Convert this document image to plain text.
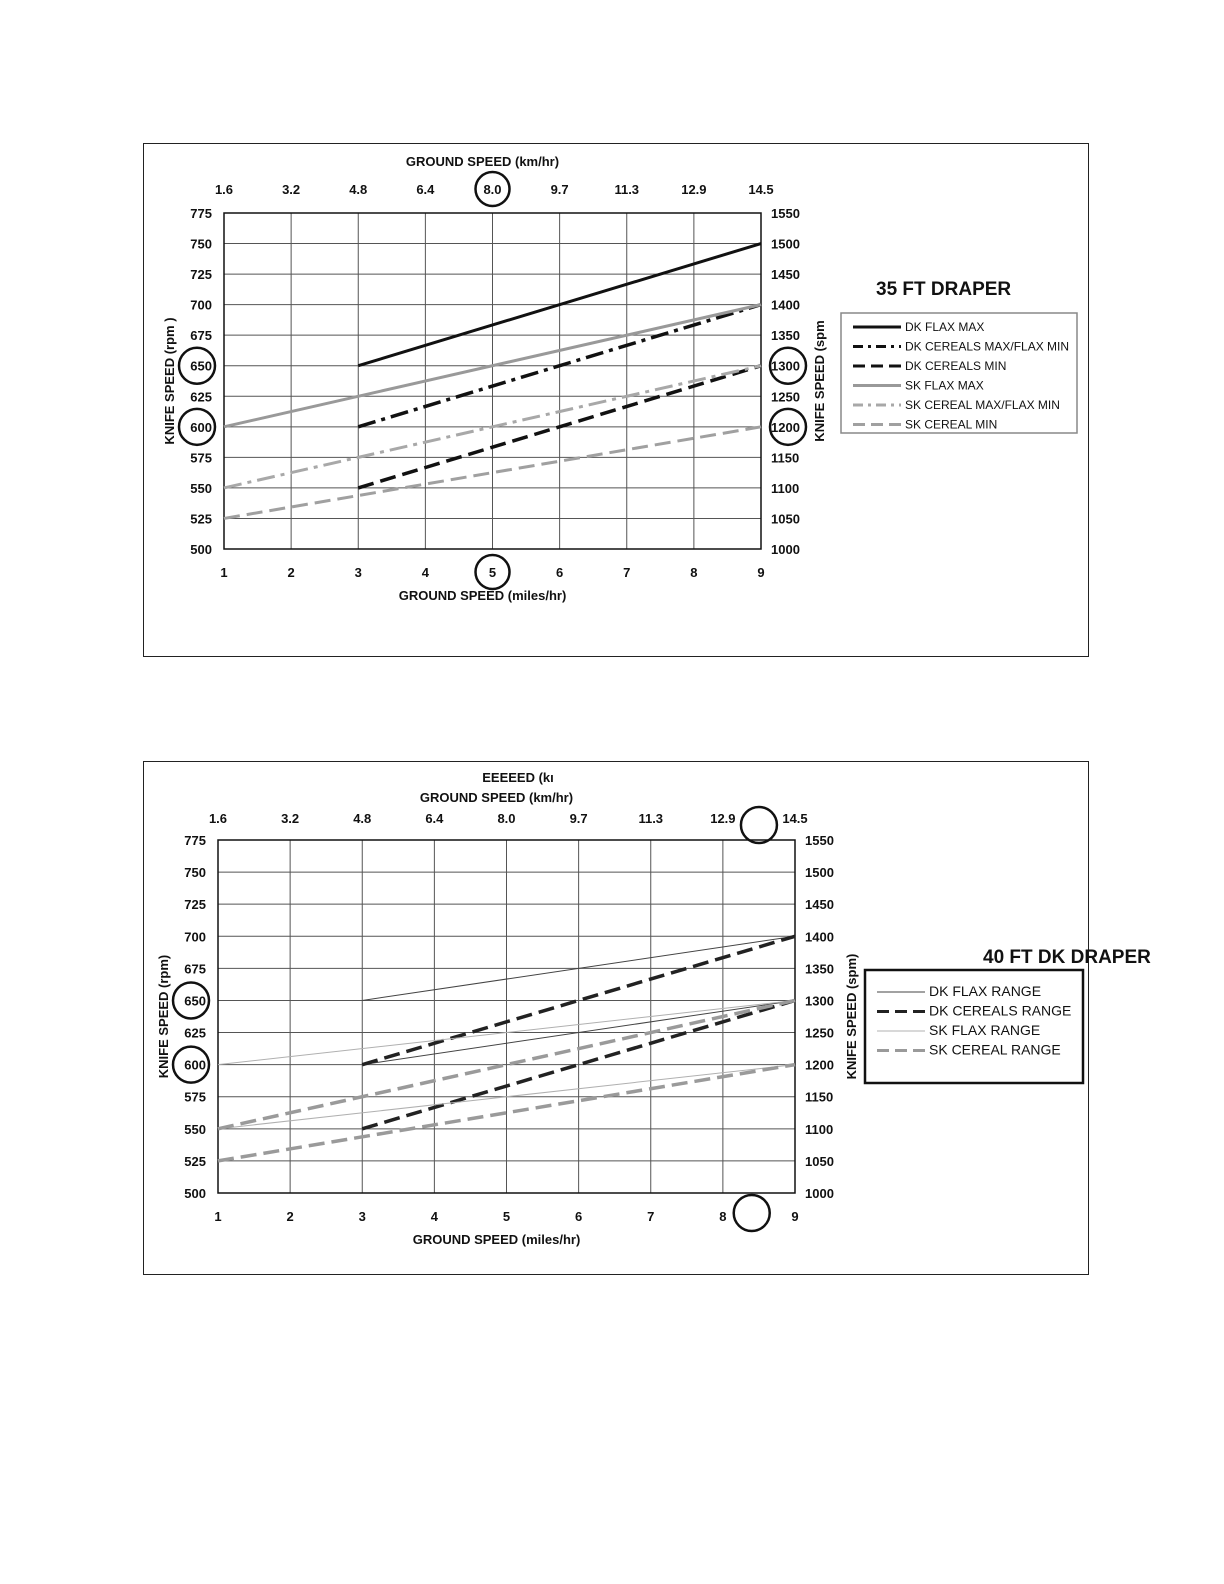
1	2	3	4	5	6	7	8	9
1.6	3.2	4.8	6.4	8.0	9.7	11.3	12.9	14.5
775
750
725
700
675
650
625
600
575
550
525
500
1550
1500
1450
1400
1350
1300
1250
1200
1150
1100
1050
1000
GROUND SPEED (miles/hr)
GROUND SPEED (km/hr)
KNIFE SPEED (rpm )	KNIFE SPEED (spm
35 FT DRAPER
DK FLAX MAX
DK CEREALS MAX/FLAX MIN
DK CEREALS MIN
SK FLAX MAX
SK CEREAL MAX/FLAX MIN
SK CEREAL MIN
1	2	3	4	5	6	7	8	9
1.6	3.2	4.8	6.4	8.0	9.7	11.3	12.9	14.5
775
750
725
700
675
650
625
600
575
550
525
500
1550
1500
1450
1400
1350
1300
1250
1200
1150
1100
1050
1000
EEEEED (kı
GROUND SPEED (miles/hr)
GROUND SPEED (km/hr)
KNIFE SPEED (rpm)	KNIFE SPEED (spm)	40 FT DK DRAPER
DK FLAX RANGE
DK CEREALS RANGE
SK FLAX RANGE
SK CEREAL RANGE
